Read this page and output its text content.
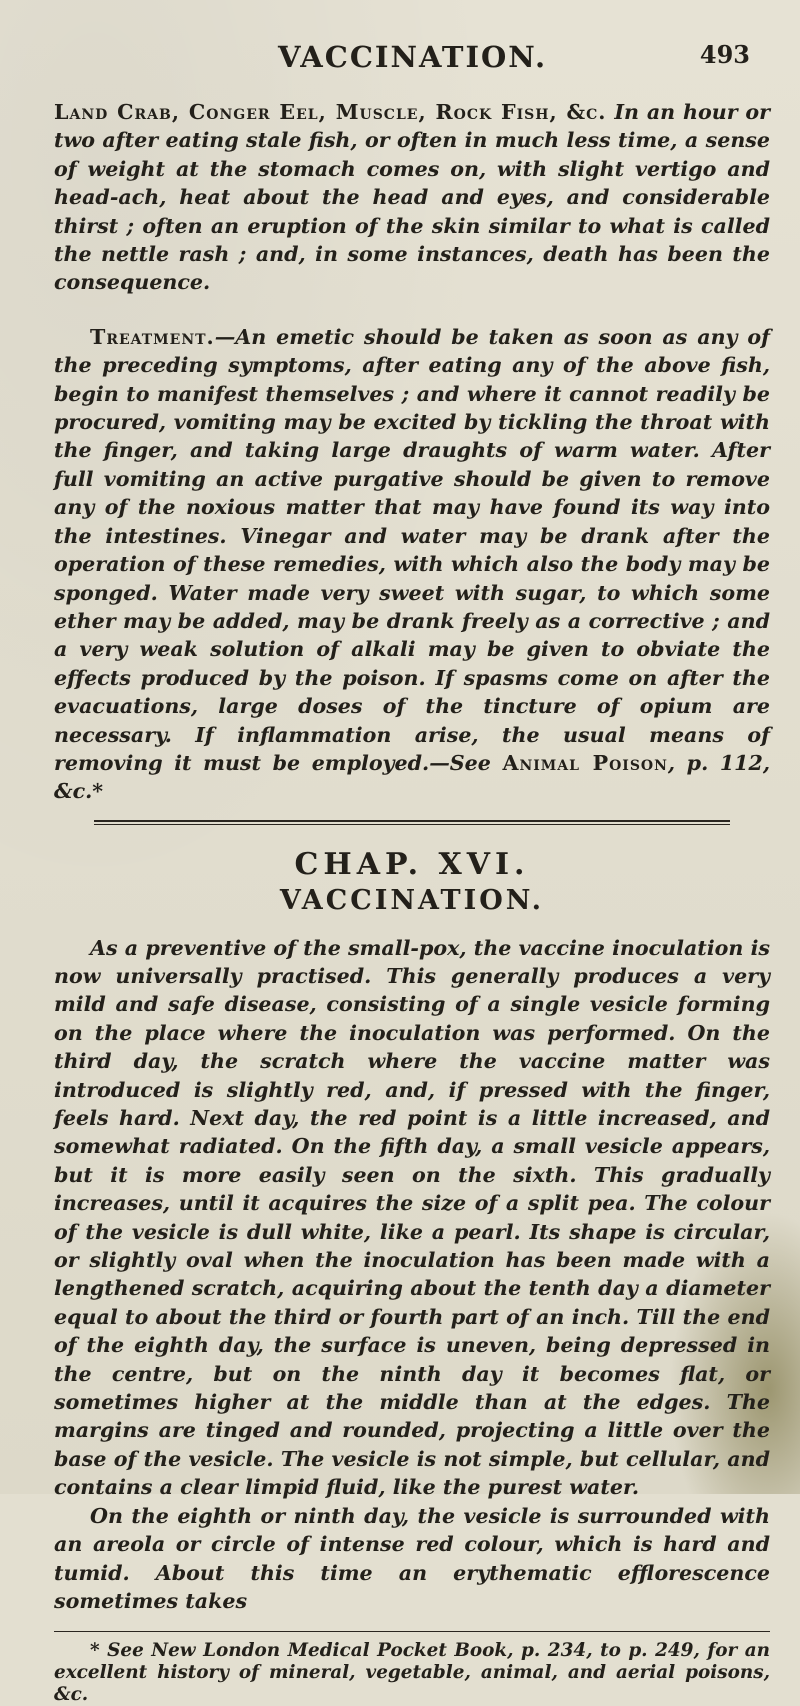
VACCINATION.	493

Land Crab, Conger Eel, Muscle, Rock Fish, &c. In an hour or two after eating stale fish, or often in much less time, a sense of weight at the stomach comes on, with slight vertigo and head-ach, heat about the head and eyes, and considerable thirst ; often an eruption of the skin similar to what is called the nettle rash ; and, in some instances, death has been the consequence.

Treatment.—An emetic should be taken as soon as any of the preceding symptoms, after eating any of the above fish, begin to manifest themselves ; and where it cannot readily be procured, vomiting may be excited by tickling the throat with the finger, and taking large draughts of warm water. After full vomiting an active purgative should be given to remove any of the noxious matter that may have found its way into the intestines. Vinegar and water may be drank after the operation of these remedies, with which also the body may be sponged. Water made very sweet with sugar, to which some ether may be added, may be drank freely as a corrective ; and a very weak solution of alkali may be given to obviate the effects produced by the poison. If spasms come on after the evacuations, large doses of the tincture of opium are necessary. If inflammation arise, the usual means of removing it must be employed.—See Animal Poison, p. 112, &c.*

CHAP. XVI.
VACCINATION.

As a preventive of the small-pox, the vaccine inoculation is now universally practised. This generally produces a very mild and safe disease, consisting of a single vesicle forming on the place where the inoculation was performed. On the third day, the scratch where the vaccine matter was introduced is slightly red, and, if pressed with the finger, feels hard. Next day, the red point is a little increased, and somewhat radiated. On the fifth day, a small vesicle appears, but it is more easily seen on the sixth. This gradually increases, until it acquires the size of a split pea. The colour of the vesicle is dull white, like a pearl. Its shape is circular, or slightly oval when the inoculation has been made with a lengthened scratch, acquiring about the tenth day a diameter equal to about the third or fourth part of an inch. Till the end of the eighth day, the surface is uneven, being depressed in the centre, but on the ninth day it becomes flat, or sometimes higher at the middle than at the edges. The margins are tinged and rounded, projecting a little over the base of the vesicle. The vesicle is not simple, but cellular, and contains a clear limpid fluid, like the purest water.

On the eighth or ninth day, the vesicle is surrounded with an areola or circle of intense red colour, which is hard and tumid. About this time an erythematic efflorescence sometimes takes

* See New London Medical Pocket Book, p. 234, to p. 249, for an excellent history of mineral, vegetable, animal, and aerial poisons, &c.
